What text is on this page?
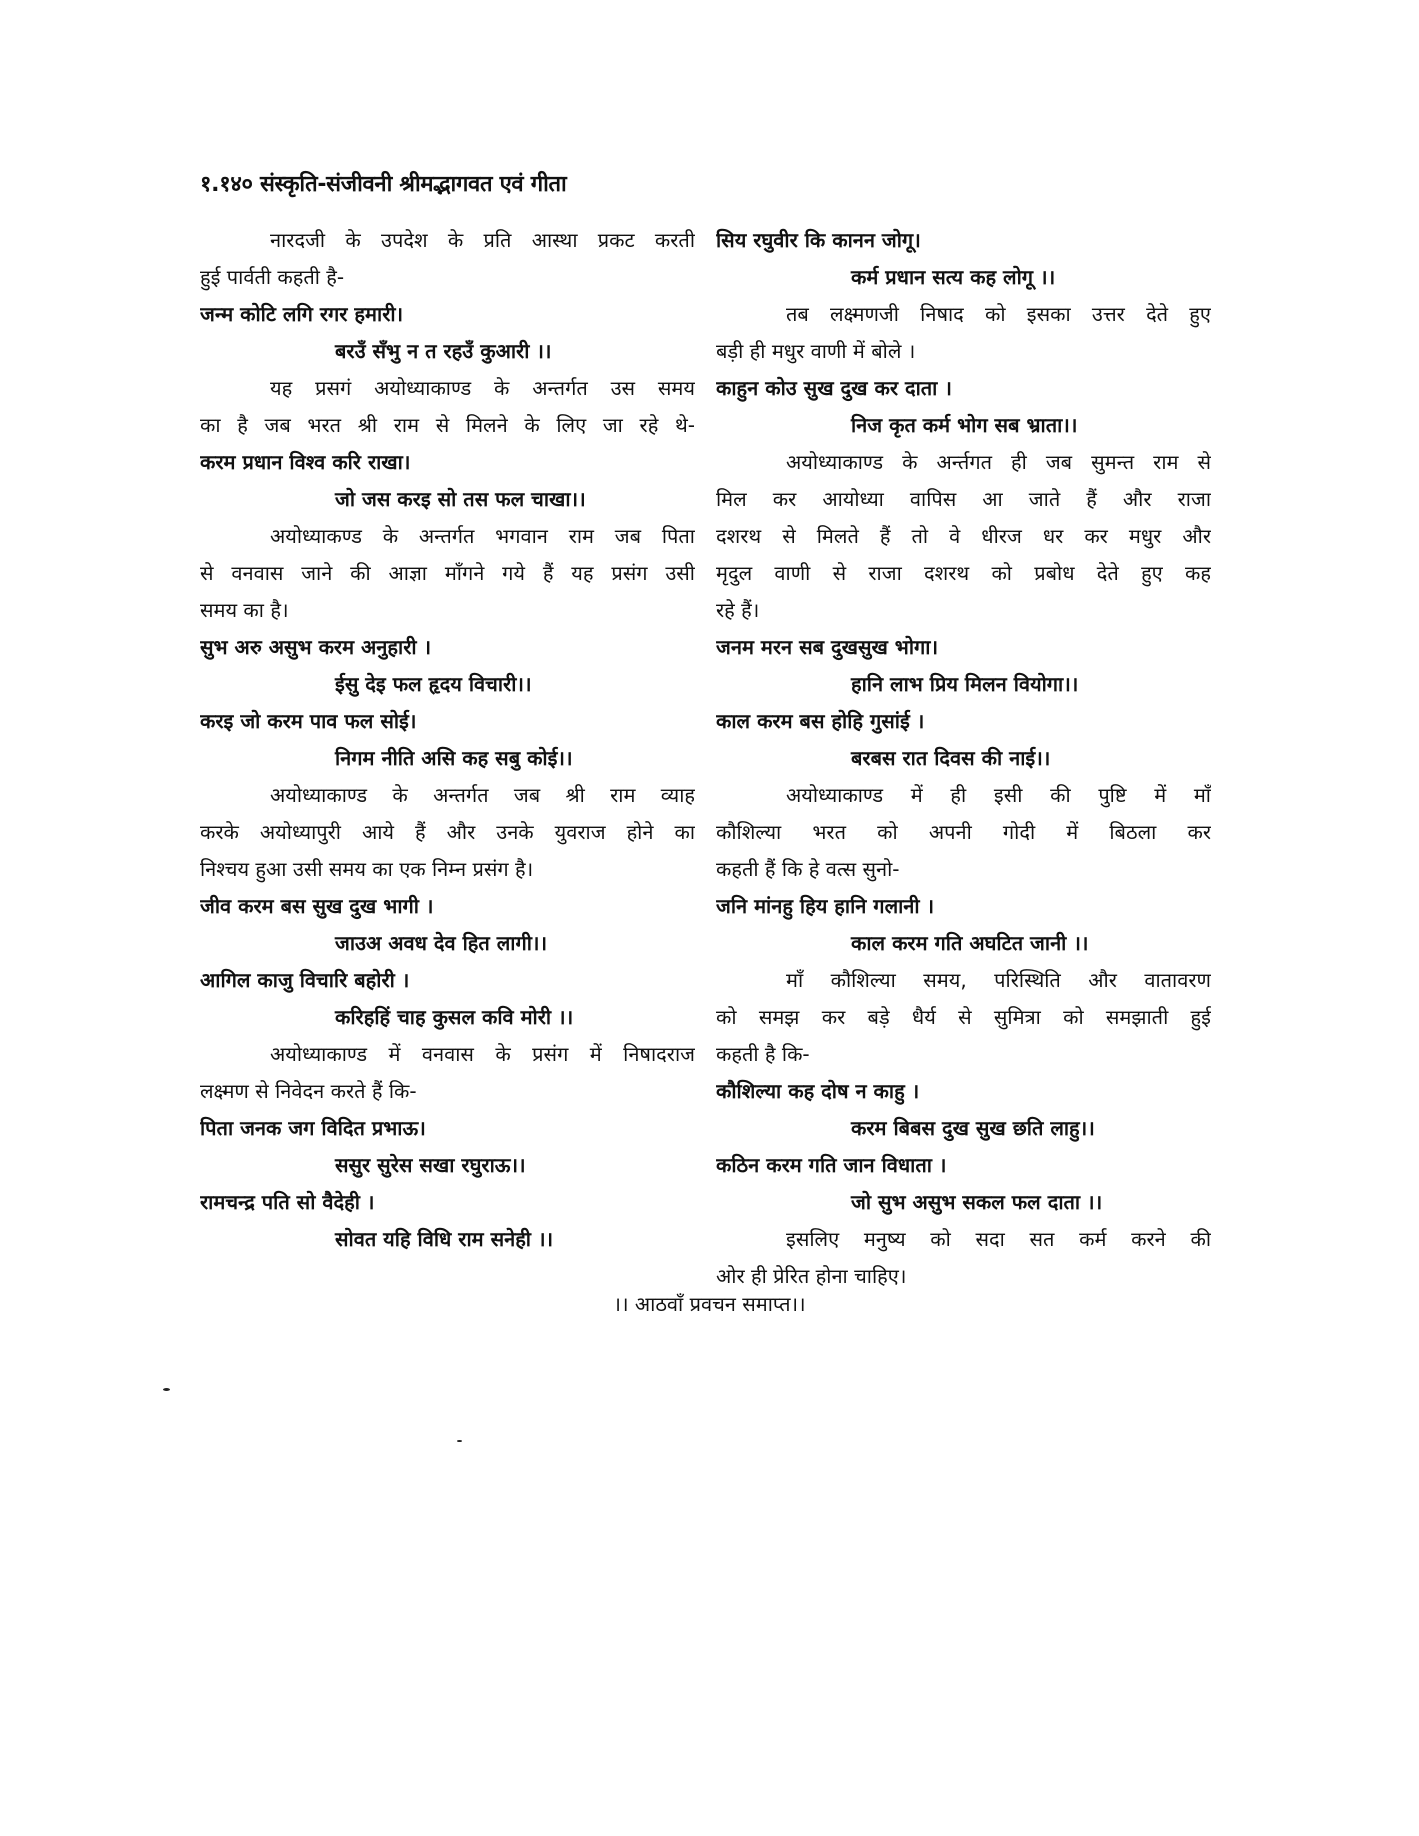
१.१४० संस्कृति-संजीवनी श्रीमद्भागवत एवं गीता
नारदजी के उपदेश के प्रति आस्था प्रकट करती
हुई पार्वती कहती है-
जन्म कोटि लगि रगर हमारी।
बरउँ सँभु न त रहउँ कुआरी ।।
यह प्रसगं अयोध्याकाण्ड के अन्तर्गत उस समय
का है जब भरत श्री राम से मिलने के लिए जा रहे थे-
करम प्रधान विश्व करि राखा।
जो जस करइ सो तस फल चाखा।।
अयोध्याकण्ड के अन्तर्गत भगवान राम जब पिता
से वनवास जाने की आज्ञा माँगने गये हैं यह प्रसंग उसी
समय का है।
सुभ अरु असुभ करम अनुहारी ।
ईसु देइ फल हृदय विचारी।।
करइ जो करम पाव फल सोई।
निगम नीति असि कह सबु कोई।।
अयोध्याकाण्ड के अन्तर्गत जब श्री राम व्याह
करके अयोध्यापुरी आये हैं और उनके युवराज होने का
निश्चय हुआ उसी समय का एक निम्न प्रसंग है।
जीव करम बस सुख दुख भागी ।
जाउअ अवध देव हित लागी।।
आगिल काजु विचारि बहोरी ।
करिहहिं चाह कुसल कवि मोरी ।।
अयोध्याकाण्ड में वनवास के प्रसंग में निषादराज
लक्ष्मण से निवेदन करते हैं कि-
पिता जनक जग विदित प्रभाऊ।
ससुर सुरेस सखा रघुराऊ।।
रामचन्द्र पति सो वैदेही ।
सोवत यहि विधि राम सनेही ।।
सिय रघुवीर कि कानन जोगू।
कर्म प्रधान सत्य कह लोगू ।।
तब लक्ष्मणजी निषाद को इसका उत्तर देते हुए
बड़ी ही मधुर वाणी में बोले ।
काहुन कोउ सुख दुख कर दाता ।
निज कृत कर्म भोग सब भ्राता।।
अयोध्याकाण्ड के अर्न्तगत ही जब सुमन्त राम से
मिल कर आयोध्या वापिस आ जाते हैं और राजा
दशरथ से मिलते हैं तो वे धीरज धर कर मधुर और
मृदुल वाणी से राजा दशरथ को प्रबोध देते हुए कह
रहे हैं।
जनम मरन सब दुखसुख भोगा।
हानि लाभ प्रिय मिलन वियोगा।।
काल करम बस होहि गुसांई ।
बरबस रात दिवस की नाई।।
अयोध्याकाण्ड में ही इसी की पुष्टि में माँ
कौशिल्या भरत को अपनी गोदी में बिठला कर
कहती हैं कि हे वत्स सुनो-
जनि मांनहु हिय हानि गलानी ।
काल करम गति अघटित जानी ।।
माँ कौशिल्या समय, परिस्थिति और वातावरण
को समझ कर बड़े धैर्य से सुमित्रा को समझाती हुई
कहती है कि-
कौशिल्या कह दोष न काहु ।
करम बिबस दुख सुख छति लाहु।।
कठिन करम गति जान विधाता ।
जो सुभ असुभ सकल फल दाता ।।
इसलिए मनुष्य को सदा सत कर्म करने की
ओर ही प्रेरित होना चाहिए।
।। आठवाँ प्रवचन समाप्त।।
